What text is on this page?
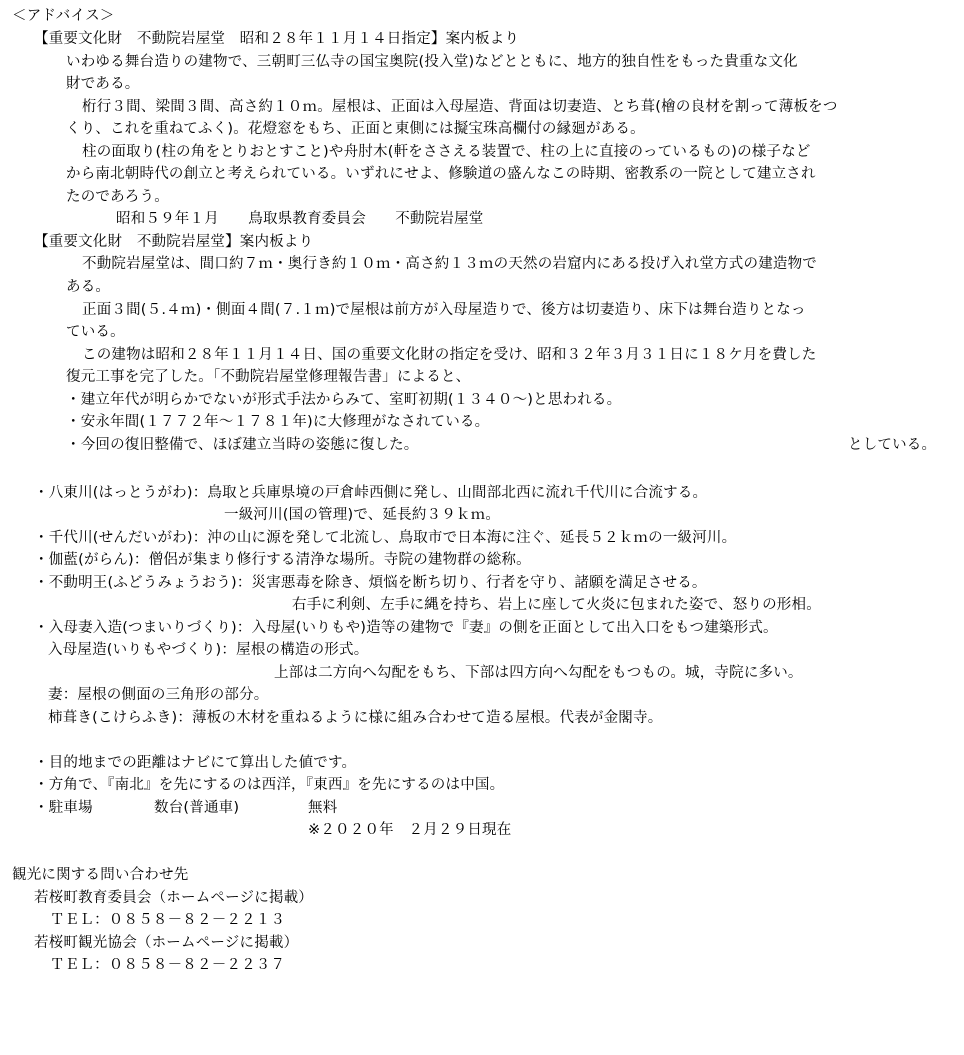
＜アドバイス＞
【重要文化財　不動院岩屋堂　昭和２８年１１月１４日指定】案内板より
いわゆる舞台造りの建物で、三朝町三仏寺の国宝奥院(投入堂)などとともに、地方的独自性をもった貴重な文化
財である。
桁行３間、梁間３間、高さ約１０ｍ。屋根は、正面は入母屋造、背面は切妻造、とち葺(檜の良材を割って薄板をつ
くり、これを重ねてふく)。花燈窓をもち、正面と東側には擬宝珠高欄付の縁廻がある。
柱の面取り(柱の角をとりおとすこと)や舟肘木(軒をささえる装置で、柱の上に直接のっているもの)の様子など
から南北朝時代の創立と考えられている。いずれにせよ、修験道の盛んなこの時期、密教系の一院として建立され
たのであろう。
昭和５９年１月　　鳥取県教育委員会　　不動院岩屋堂
【重要文化財　不動院岩屋堂】案内板より
不動院岩屋堂は、間口約７ｍ・奥行き約１０ｍ・高さ約１３ｍの天然の岩窟内にある投げ入れ堂方式の建造物で
ある。
正面３間(５.４ｍ)・側面４間(７.１ｍ)で屋根は前方が入母屋造りで、後方は切妻造り、床下は舞台造りとなっ
ている。
この建物は昭和２８年１１月１４日、国の重要文化財の指定を受け、昭和３２年３月３１日に１８ケ月を費した
復元工事を完了した。「不動院岩屋堂修理報告書」によると、
・建立年代が明らかでないが形式手法からみて、室町初期(１３４０～)と思われる。
・安永年間(１７７２年～１７８１年)に大修理がなされている。
・今回の復旧整備で、ほぼ建立当時の姿態に復した。	としている。
・八東川(はっとうがわ)：鳥取と兵庫県境の戸倉峠西側に発し、山間部北西に流れ千代川に合流する。
一級河川(国の管理)で、延長約３９ｋｍ。
・千代川(せんだいがわ)：沖の山に源を発して北流し、鳥取市で日本海に注ぐ、延長５２ｋｍの一級河川。
・伽藍(がらん)：僧侶が集まり修行する清浄な場所。寺院の建物群の総称。
・不動明王(ふどうみょうおう)：災害悪毒を除き、煩悩を断ち切り、行者を守り、諸願を満足させる。
右手に利剣、左手に縄を持ち、岩上に座して火炎に包まれた姿で、怒りの形相。
・入母妻入造(つまいりづくり)：入母屋(いりもや)造等の建物で『妻』の側を正面として出入口をもつ建築形式。
入母屋造(いりもやづくり)：屋根の構造の形式。
上部は二方向へ勾配をもち、下部は四方向へ勾配をもつもの。城，寺院に多い。
妻：屋根の側面の三角形の部分。
柿葺き(こけらふき)：薄板の木材を重ねるように様に組み合わせて造る屋根。代表が金閣寺。
・目的地までの距離はナビにて算出した値です。
・方角で、『南北』を先にするのは西洋，『東西』を先にするのは中国。
・駐車場	数台(普通車)	無料
※２０２０年　２月２９日現在
観光に関する問い合わせ先
若桜町教育委員会（ホームページに掲載）
ＴＥＬ：０８５８－８２－２２１３
若桜町観光協会（ホームページに掲載）
ＴＥＬ：０８５８－８２－２２３７
